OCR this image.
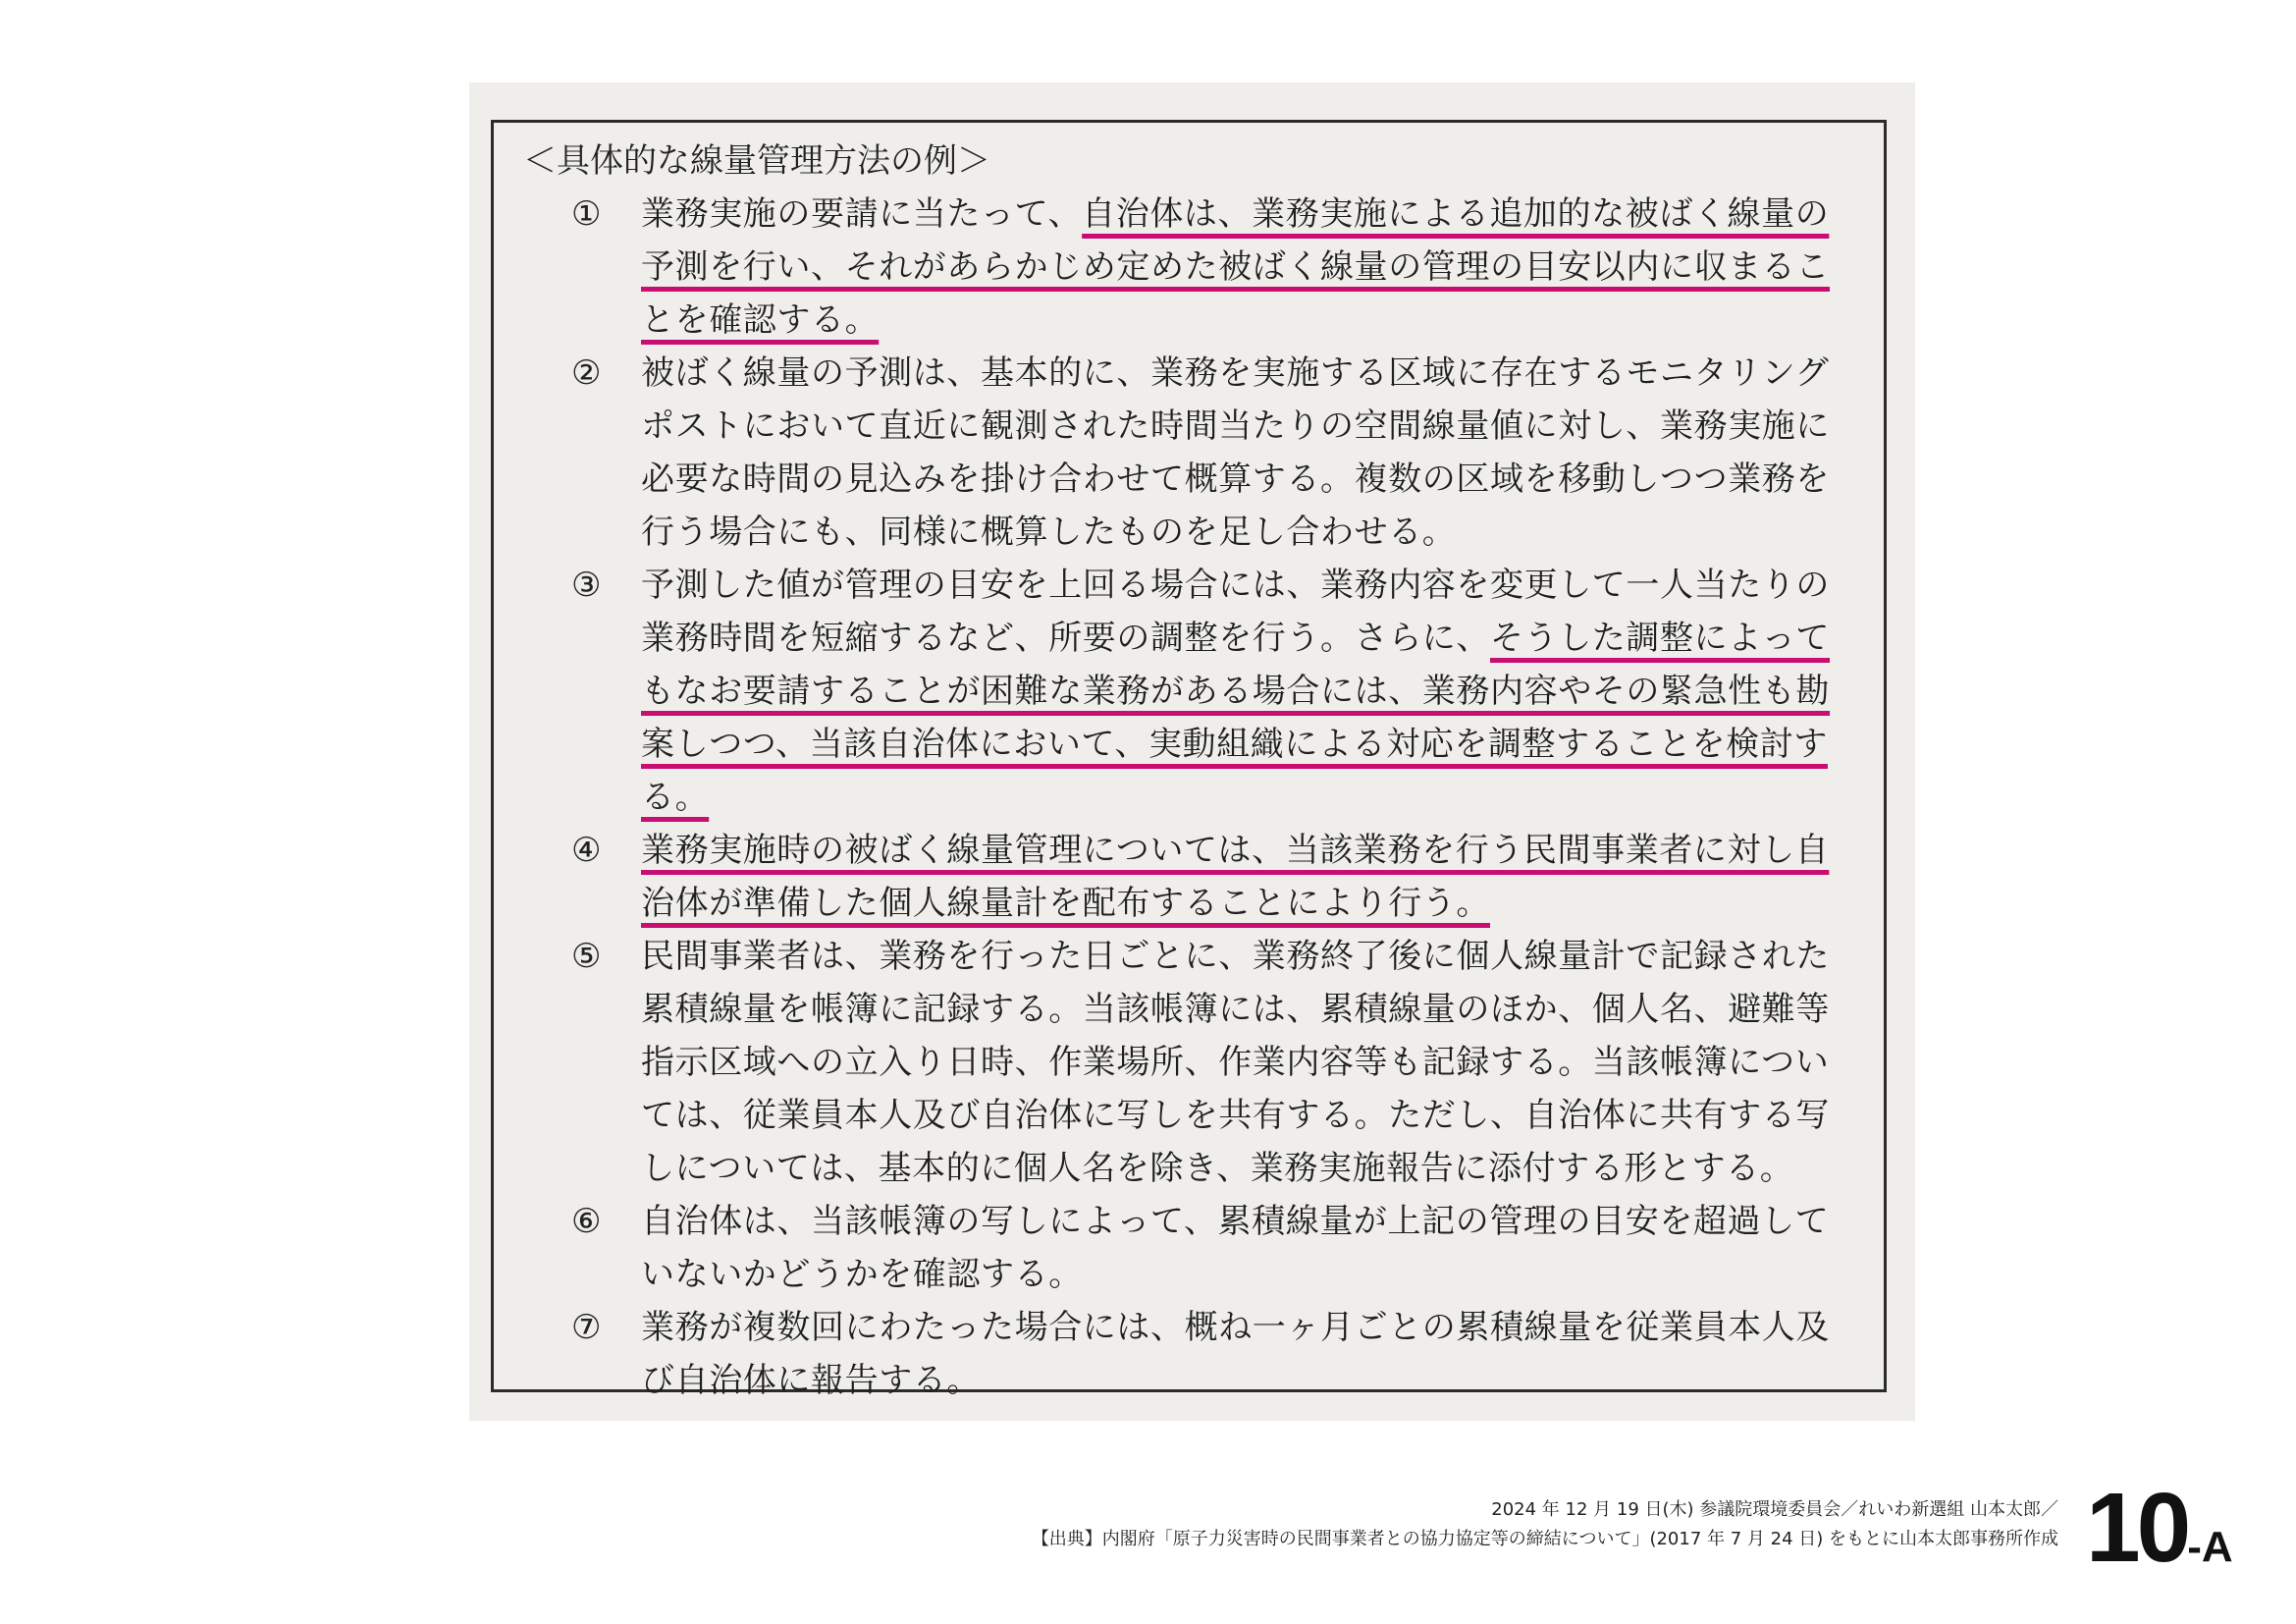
＜具体的な線量管理方法の例＞
① 業務実施の要請に当たって、自治体は、業務実施による追加的な被ばく線量の
予測を行い、それがあらかじめ定めた被ばく線量の管理の目安以内に収まるこ
とを確認する。
② 被ばく線量の予測は、基本的に、業務を実施する区域に存在するモニタリング
ポストにおいて直近に観測された時間当たりの空間線量値に対し、業務実施に
必要な時間の見込みを掛け合わせて概算する。複数の区域を移動しつつ業務を
行う場合にも、同様に概算したものを足し合わせる。
③ 予測した値が管理の目安を上回る場合には、業務内容を変更して一人当たりの
業務時間を短縮するなど、所要の調整を行う。さらに、そうした調整によって
もなお要請することが困難な業務がある場合には、業務内容やその緊急性も勘
案しつつ、当該自治体において、実動組織による対応を調整することを検討す
る。
④ 業務実施時の被ばく線量管理については、当該業務を行う民間事業者に対し自
治体が準備した個人線量計を配布することにより行う。
⑤ 民間事業者は、業務を行った日ごとに、業務終了後に個人線量計で記録された
累積線量を帳簿に記録する。当該帳簿には、累積線量のほか、個人名、避難等
指示区域への立入り日時、作業場所、作業内容等も記録する。当該帳簿につい
ては、従業員本人及び自治体に写しを共有する。ただし、自治体に共有する写
しについては、基本的に個人名を除き、業務実施報告に添付する形とする。
⑥ 自治体は、当該帳簿の写しによって、累積線量が上記の管理の目安を超過して
いないかどうかを確認する。
⑦ 業務が複数回にわたった場合には、概ね一ヶ月ごとの累積線量を従業員本人及
び自治体に報告する。
2024 年 12 月 19 日(木) 参議院環境委員会／れいわ新選組 山本太郎／
【出典】内閣府「原子力災害時の民間事業者との協力協定等の締結について」(2017 年 7 月 24 日) をもとに山本太郎事務所作成 10-A
